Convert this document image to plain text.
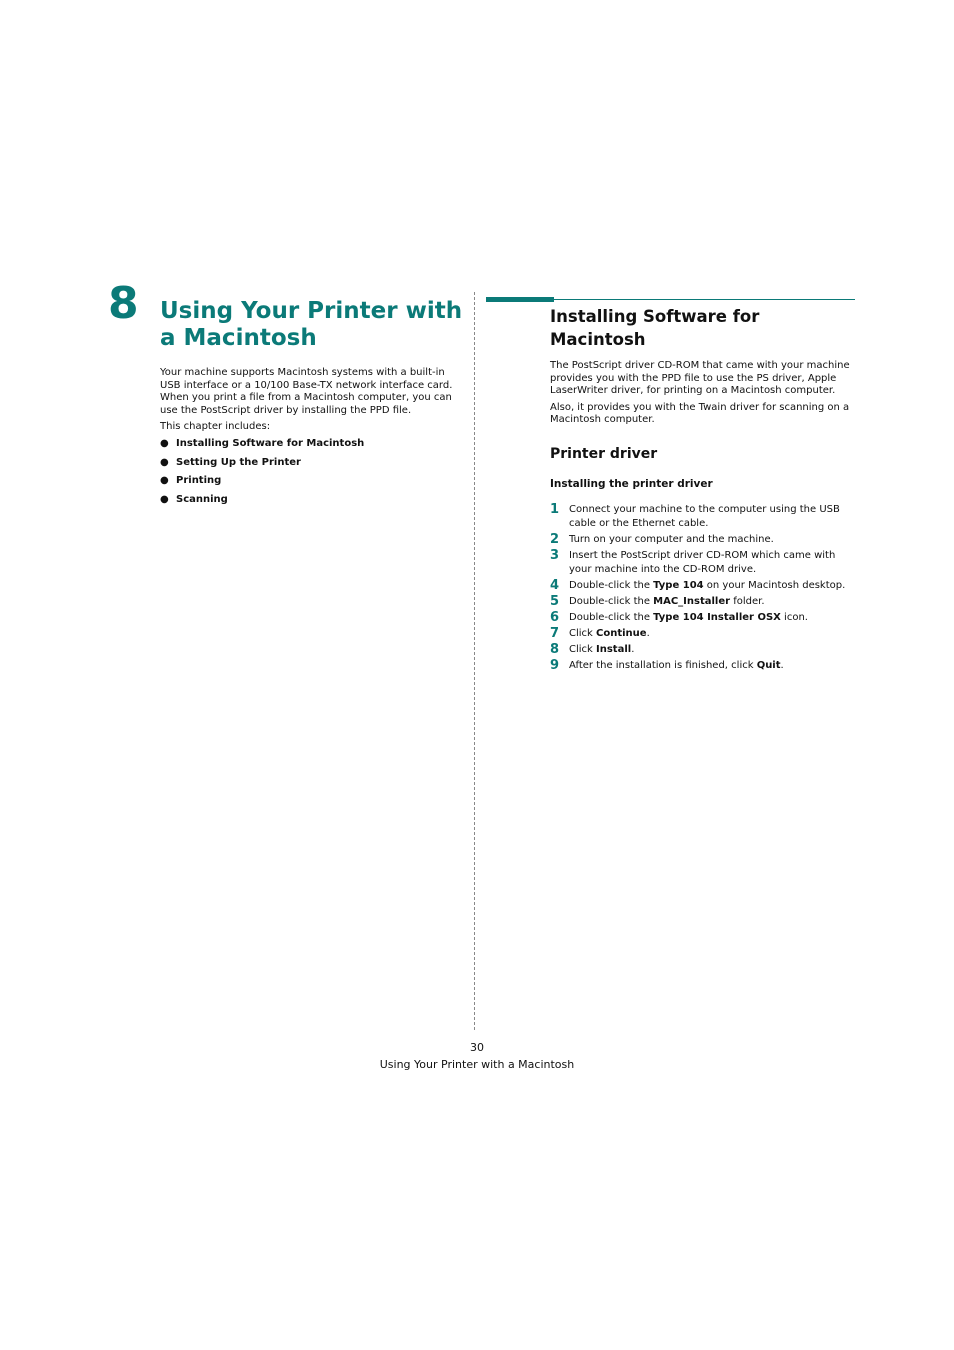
8 Using Your Printer with a Macintosh

Your machine supports Macintosh systems with a built-in USB interface or a 10/100 Base-TX network interface card. When you print a file from a Macintosh computer, you can use the PostScript driver by installing the PPD file.

This chapter includes:

● Installing Software for Macintosh
● Setting Up the Printer
● Printing
● Scanning
Installing Software for Macintosh

The PostScript driver CD-ROM that came with your machine provides you with the PPD file to use the PS driver, Apple LaserWriter driver, for printing on a Macintosh computer.

Also, it provides you with the Twain driver for scanning on a Macintosh computer.

Printer driver
Installing the printer driver
1 Connect your machine to the computer using the USB cable or the Ethernet cable.
2 Turn on your computer and the machine.
3 Insert the PostScript driver CD-ROM which came with your machine into the CD-ROM drive.
4 Double-click the Type 104 on your Macintosh desktop.
5 Double-click the MAC_Installer folder.
6 Double-click the Type 104 Installer OSX icon.
7 Click Continue.
8 Click Install.
9 After the installation is finished, click Quit.
30
Using Your Printer with a Macintosh
